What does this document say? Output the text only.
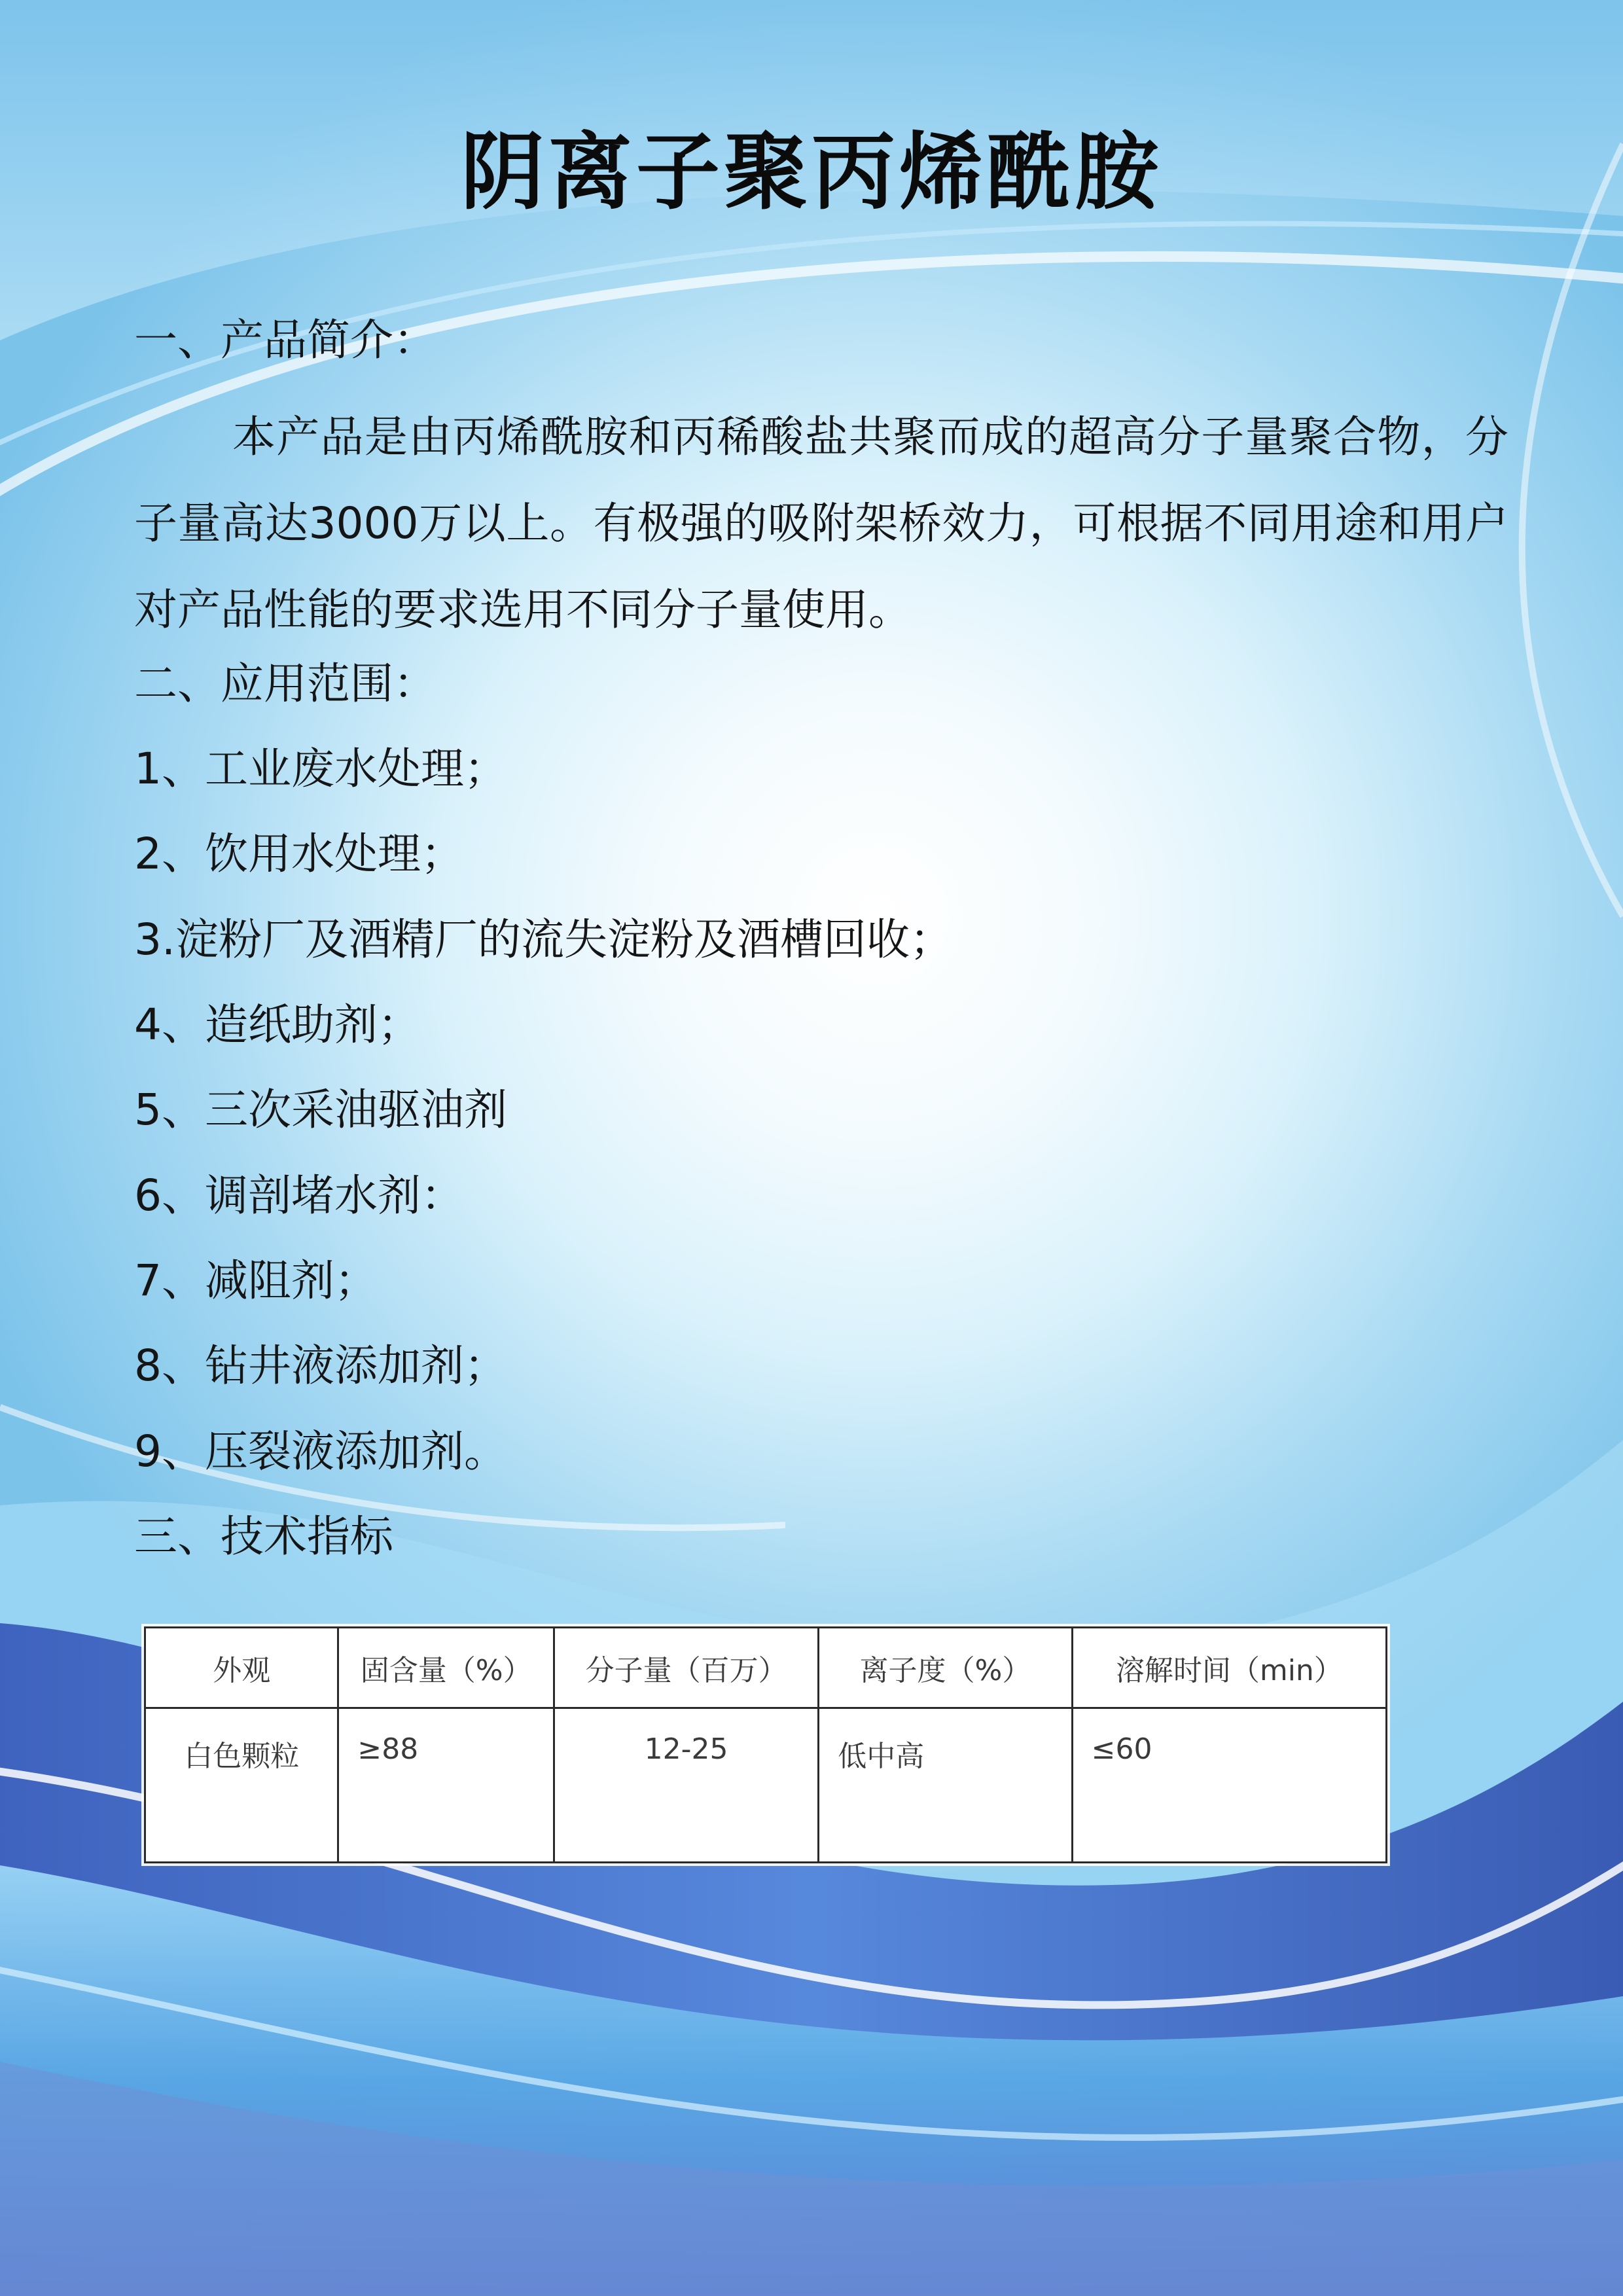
阴离子聚丙烯酰胺
一、产品简介：
本产品是由丙烯酰胺和丙稀酸盐共聚而成的超高分子量聚合物，分子量高达3000万以上。有极强的吸附架桥效力，可根据不同用途和用户对产品性能的要求选用不同分子量使用。
二、应用范围：
1、工业废水处理；
2、饮用水处理；
3.淀粉厂及酒精厂的流失淀粉及酒槽回收；
4、造纸助剂；
5、三次采油驱油剂
6、调剖堵水剂：
7、减阻剂；
8、钻井液添加剂；
9、压裂液添加剂。
三、技术指标
外观	固含量（%）	分子量（百万）	离子度（%）	溶解时间（min）
白色颗粒	≥88	12-25	低中高	≤60
